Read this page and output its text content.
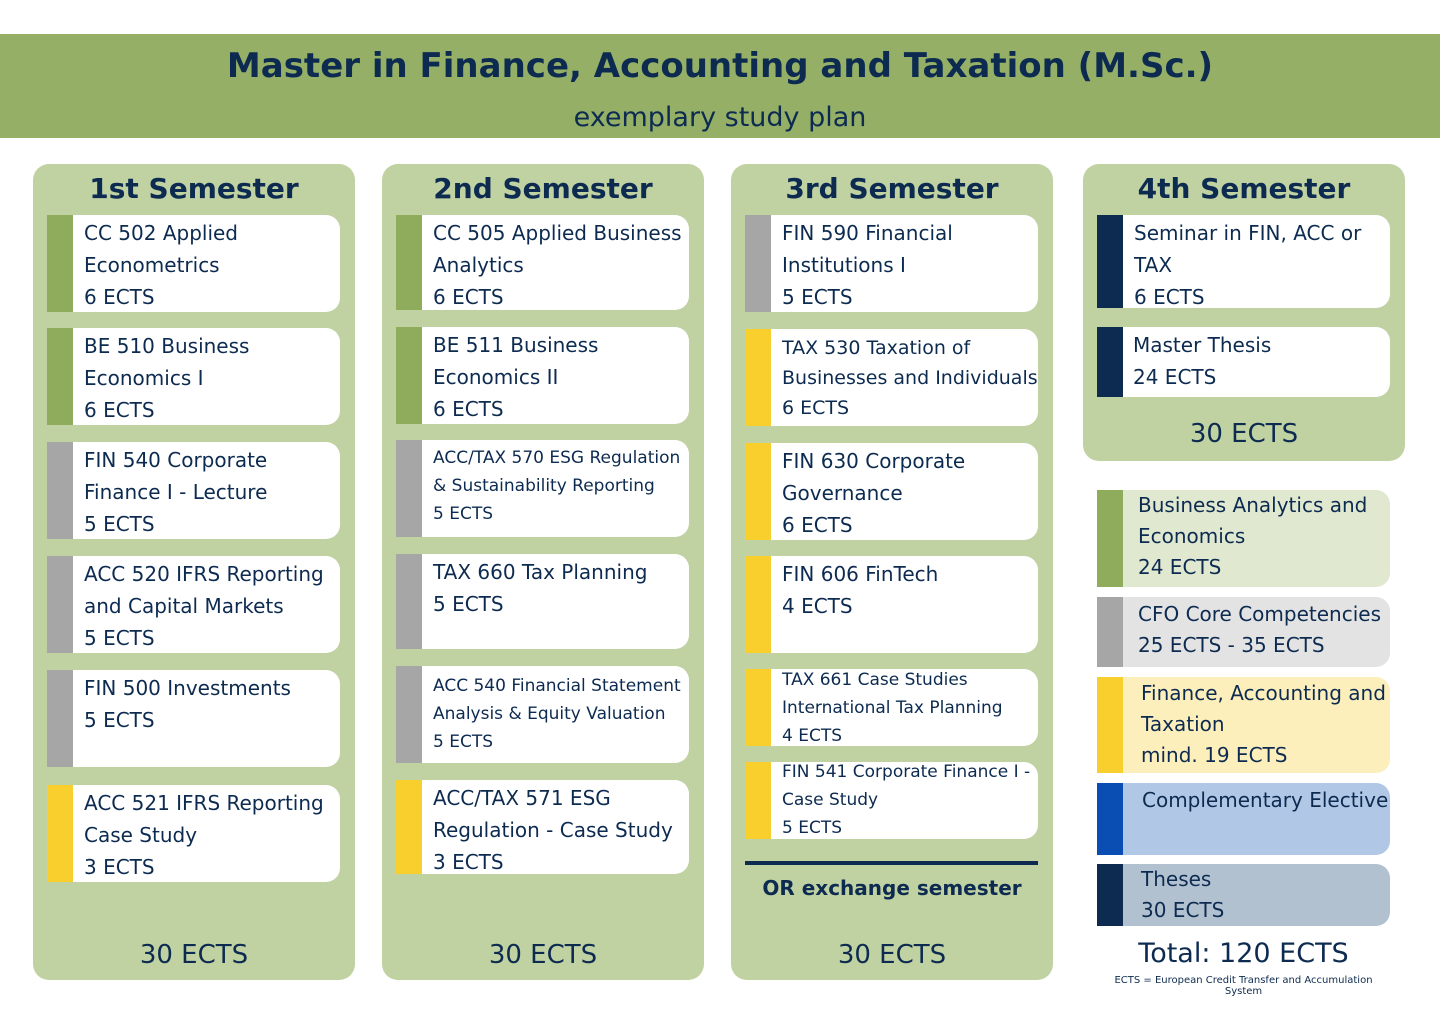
Master in Finance, Accounting and Taxation (M.Sc.)
exemplary study plan
1st Semester
CC 502 Applied
Econometrics
6 ECTS
BE 510 Business
Economics I
6 ECTS
FIN 540 Corporate
Finance I - Lecture
5 ECTS
ACC 520 IFRS Reporting
and Capital Markets
5 ECTS
FIN 500 Investments
5 ECTS
ACC 521 IFRS Reporting
Case Study
3 ECTS
30 ECTS
2nd Semester
CC 505 Applied Business
Analytics
6 ECTS
BE 511 Business
Economics II
6 ECTS
ACC/TAX 570 ESG Regulation
& Sustainability Reporting
5 ECTS
TAX 660 Tax Planning
5 ECTS
ACC 540 Financial Statement
Analysis & Equity Valuation
5 ECTS
ACC/TAX 571 ESG
Regulation - Case Study
3 ECTS
30 ECTS
3rd Semester
FIN 590 Financial
Institutions I
5 ECTS
TAX 530 Taxation of
Businesses and Individuals
6 ECTS
FIN 630 Corporate
Governance
6 ECTS
FIN 606 FinTech
4 ECTS
TAX 661 Case Studies
International Tax Planning
4 ECTS
FIN 541 Corporate Finance I -
Case Study
5 ECTS
OR exchange semester
30 ECTS
4th Semester
Seminar in FIN, ACC or
TAX
6 ECTS
Master Thesis
24 ECTS
30 ECTS
Business Analytics and
Economics
24 ECTS
CFO Core Competencies
25 ECTS - 35 ECTS
Finance, Accounting and
Taxation
mind. 19 ECTS
Complementary Elective
Theses
30 ECTS
Total: 120 ECTS
ECTS = European Credit Transfer and Accumulation System
